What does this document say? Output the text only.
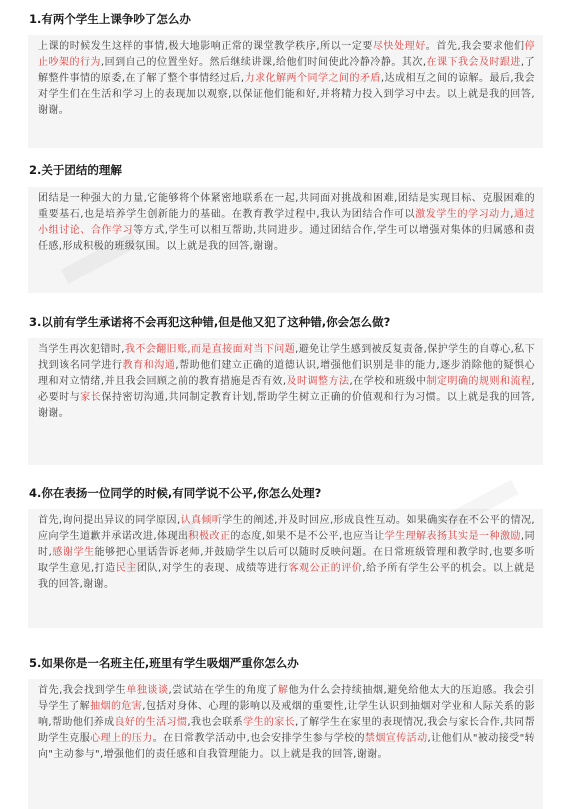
1.有两个学生上课争吵了怎么办

上课的时候发生这样的事情,极大地影响正常的课堂教学秩序,所以一定要尽快处理好。首先,我会要求他们停止吵架的行为,回到自己的位置坐好。然后继续讲课,给他们时间使此冷静冷静。其次,在课下我会及时跟进,了解整件事情的原委,在了解了整个事情经过后,力求化解两个同学之间的矛盾,达成相互之间的谅解。最后,我会对学生们在生活和学习上的表现加以观察,以保证他们能和好,并将精力投入到学习中去。以上就是我的回答,谢谢。

2.关于团结的理解

团结是一种强大的力量,它能够将个体紧密地联系在一起,共同面对挑战和困难,团结是实现目标、克服困难的重要基石,也是培养学生创新能力的基础。在教育教学过程中,我认为团结合作可以激发学生的学习动力,通过小组讨论、合作学习等方式,学生可以相互帮助,共同进步。通过团结合作,学生可以增强对集体的归属感和责任感,形成积极的班级氛围。以上就是我的回答,谢谢。

3.以前有学生承诺将不会再犯这种错,但是他又犯了这种错,你会怎么做?

当学生再次犯错时,我不会翻旧账,而是直接面对当下问题,避免让学生感到被反复责备,保护学生的自尊心,私下找到该名同学进行教育和沟通,帮助他们建立正确的道德认识,增强他们识别是非的能力,逐步消除他的疑惧心理和对立情绪,并且我会回顾之前的教育措施是否有效,及时调整方法,在学校和班级中制定明确的规则和流程,必要时与家长保持密切沟通,共同制定教育计划,帮助学生树立正确的价值观和行为习惯。以上就是我的回答,谢谢。

4.你在表扬一位同学的时候,有同学说不公平,你怎么处理?

首先,询问提出异议的同学原因,认真倾听学生的阐述,并及时回应,形成良性互动。如果确实存在不公平的情况,应向学生道歉并承诺改进,体现出积极改正的态度,如果不是不公平,也应当让学生理解表扬其实是一种激励,同时,感谢学生能够把心里话告诉老师,并鼓励学生以后可以随时反映问题。在日常班级管理和教学时,也要多听取学生意见,打造民主团队,对学生的表现、成绩等进行客观公正的评价,给予所有学生公平的机会。以上就是我的回答,谢谢。

5.如果你是一名班主任,班里有学生吸烟严重你怎么办

首先,我会找到学生单独谈谈,尝试站在学生的角度了解他为什么会持续抽烟,避免给他太大的压迫感。我会引导学生了解抽烟的危害,包括对身体、心理的影响以及戒烟的重要性,让学生认识到抽烟对学业和人际关系的影响,帮助他们养成良好的生活习惯,我也会联系学生的家长,了解学生在家里的表现情况,我会与家长合作,共同帮助学生克服心理上的压力。在日常教学活动中,也会安排学生参与学校的禁烟宣传活动,让他们从"被动接受"转向"主动参与",增强他们的责任感和自我管理能力。以上就是我的回答,谢谢。
